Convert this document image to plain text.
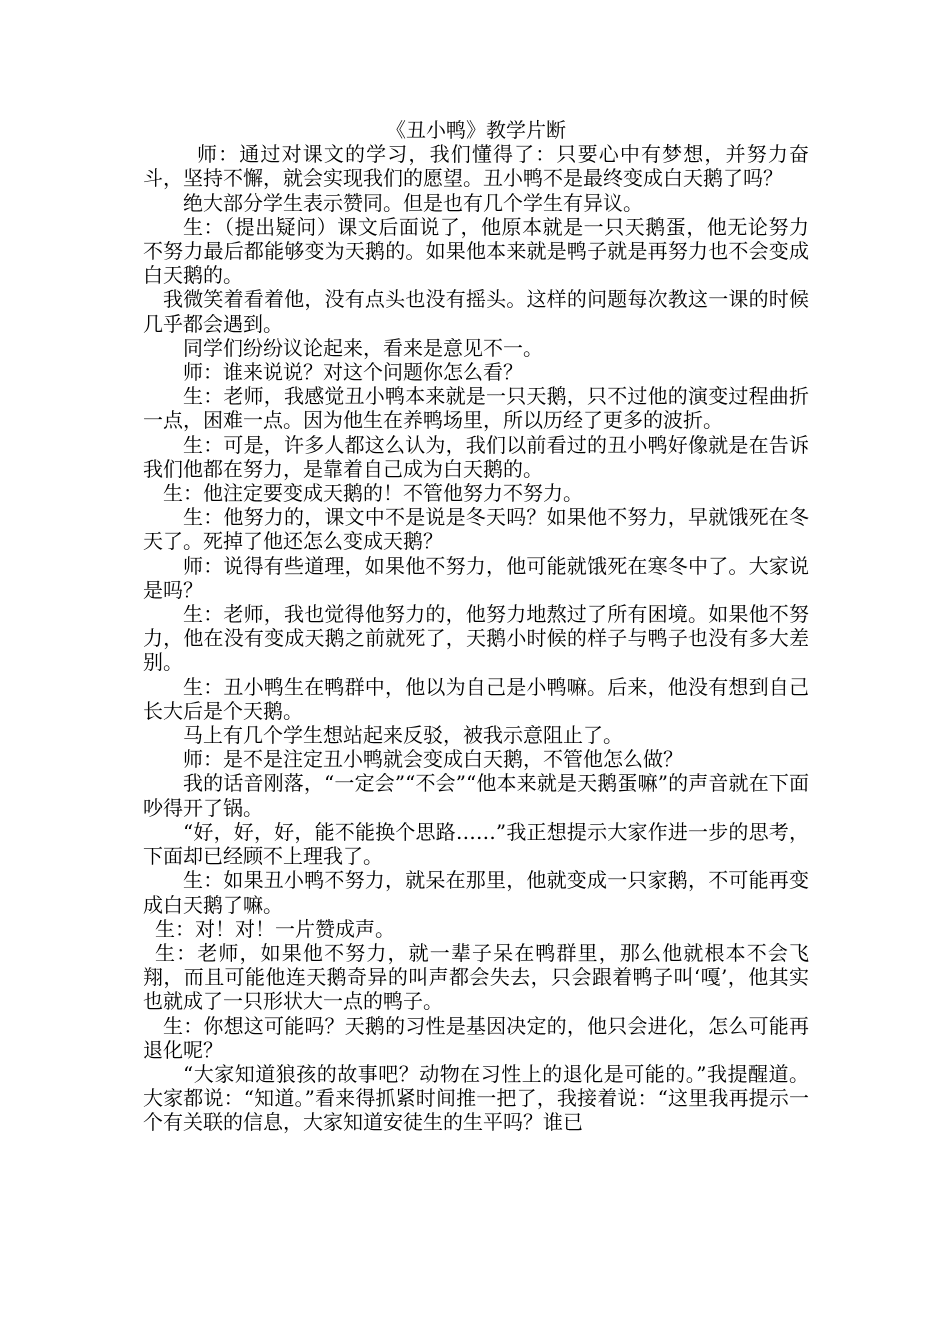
《丑小鸭》教学片断

师：通过对课文的学习，我们懂得了：只要心中有梦想，并努力奋斗，坚持不懈，就会实现我们的愿望。丑小鸭不是最终变成白天鹅了吗？

绝大部分学生表示赞同。但是也有几个学生有异议。

生：（提出疑问）课文后面说了，他原本就是一只天鹅蛋，他无论努力不努力最后都能够变为天鹅的。如果他本来就是鸭子就是再努力也不会变成白天鹅的。

我微笑着看着他，没有点头也没有摇头。这样的问题每次教这一课的时候几乎都会遇到。

同学们纷纷议论起来，看来是意见不一。

师：谁来说说？对这个问题你怎么看？

生：老师，我感觉丑小鸭本来就是一只天鹅，只不过他的演变过程曲折一点，困难一点。因为他生在养鸭场里，所以历经了更多的波折。

生：可是，许多人都这么认为，我们以前看过的丑小鸭好像就是在告诉我们他都在努力，是靠着自己成为白天鹅的。

生：他注定要变成天鹅的！不管他努力不努力。

生：他努力的，课文中不是说是冬天吗？如果他不努力，早就饿死在冬天了。死掉了他还怎么变成天鹅？

师：说得有些道理，如果他不努力，他可能就饿死在寒冬中了。大家说是吗？

生：老师，我也觉得他努力的，他努力地熬过了所有困境。如果他不努力，他在没有变成天鹅之前就死了，天鹅小时候的样子与鸭子也没有多大差别。

生：丑小鸭生在鸭群中，他以为自己是小鸭嘛。后来，他没有想到自己长大后是个天鹅。

马上有几个学生想站起来反驳，被我示意阻止了。

师：是不是注定丑小鸭就会变成白天鹅，不管他怎么做？

我的话音刚落，“一定会”“不会”“他本来就是天鹅蛋嘛”的声音就在下面吵得开了锅。

“好，好，好，能不能换个思路……”我正想提示大家作进一步的思考，下面却已经顾不上理我了。

生：如果丑小鸭不努力，就呆在那里，他就变成一只家鹅，不可能再变成白天鹅了嘛。

生：对！对！一片赞成声。

生：老师，如果他不努力，就一辈子呆在鸭群里，那么他就根本不会飞翔，而且可能他连天鹅奇异的叫声都会失去，只会跟着鸭子叫‘嘎’，他其实也就成了一只形状大一点的鸭子。

生：你想这可能吗？天鹅的习性是基因决定的，他只会进化，怎么可能再退化呢？

“大家知道狼孩的故事吧？动物在习性上的退化是可能的。”我提醒道。大家都说：“知道。”看来得抓紧时间推一把了，我接着说：“这里我再提示一个有关联的信息，大家知道安徒生的生平吗？谁已
